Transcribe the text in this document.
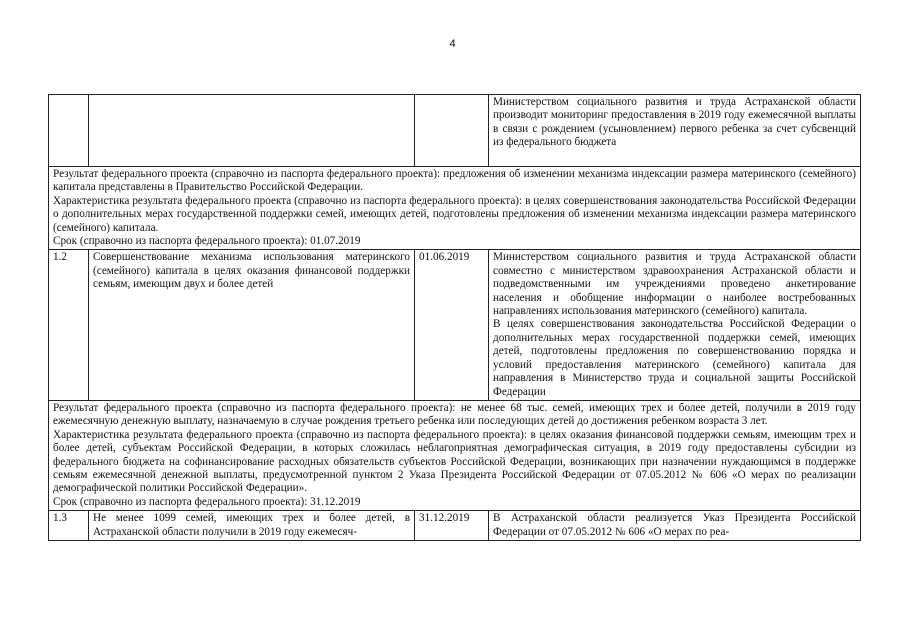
4
			Министерством социального развития и труда Астраханской области производит мониторинг предоставления в 2019 году ежемесячной выплаты в связи с рождением (усыновлением) первого ребенка за счет субсвенций из федерального бюджета

Результат федерального проекта (справочно из паспорта федерального проекта): предложения об изменении механизма индексации размера материнского (семейного) капитала представлены в Правительство Российской Федерации.

Характеристика результата федерального проекта (справочно из паспорта федерального проекта): в целях совершенствования законодательства Российской Федерации о дополнительных мерах государственной поддержки семей, имеющих детей, подготовлены предложения об изменении механизма индексации размера материнского (семейного) капитала.

Срок (справочно из паспорта федерального проекта): 01.07.2019			

1.2	Совершенствование механизма использования материнского (семейного) капитала в целях оказания финансовой поддержки семьям, имеющим двух и более детей	01.06.2019	Министерством социального развития и труда Астраханской области совместно с министерством здравоохранения Астраханской области и подведомственными им учреждениями проведено анкетирование населения и обобщение информации о наиболее востребованных направлениях использования материнского (семейного) капитала.

В целях совершенствования законодательства Российской Федерации о дополнительных мерах государственной поддержки семей, имеющих детей, подготовлены предложения по совершенствованию порядка и условий предоставления материнского (семейного) капитала для направления в Министерство труда и социальной защиты Российской Федерации

Результат федерального проекта (справочно из паспорта федерального проекта): не менее 68 тыс. семей, имеющих трех и более детей, получили в 2019 году ежемесячную денежную выплату, назначаемую в случае рождения третьего ребенка или последующих детей до достижения ребенком возраста 3 лет.

Характеристика результата федерального проекта (справочно из паспорта федерального проекта): в целях оказания финансовой поддержки семьям, имеющим трех и более детей, субъектам Российской Федерации, в которых сложилась неблагоприятная демографическая ситуация, в 2019 году предоставлены субсидии из федерального бюджета на софинансирование расходных обязательств субъектов Российской Федерации, возникающих при назначении нуждающимся в поддержке семьям ежемесячной денежной выплаты, предусмотренной пунктом 2 Указа Президента Российской Федерации от 07.05.2012 № 606 «О мерах по реализации демографической политики Российской Федерации».

Срок (справочно из паспорта федерального проекта): 31.12.2019			

1.3	Не менее 1099 семей, имеющих трех и более детей, в Астраханской области получили в 2019 году ежемесяч-	31.12.2019	В Астраханской области реализуется Указ Президента Российской Федерации от 07.05.2012 № 606 «О мерах по реа-
